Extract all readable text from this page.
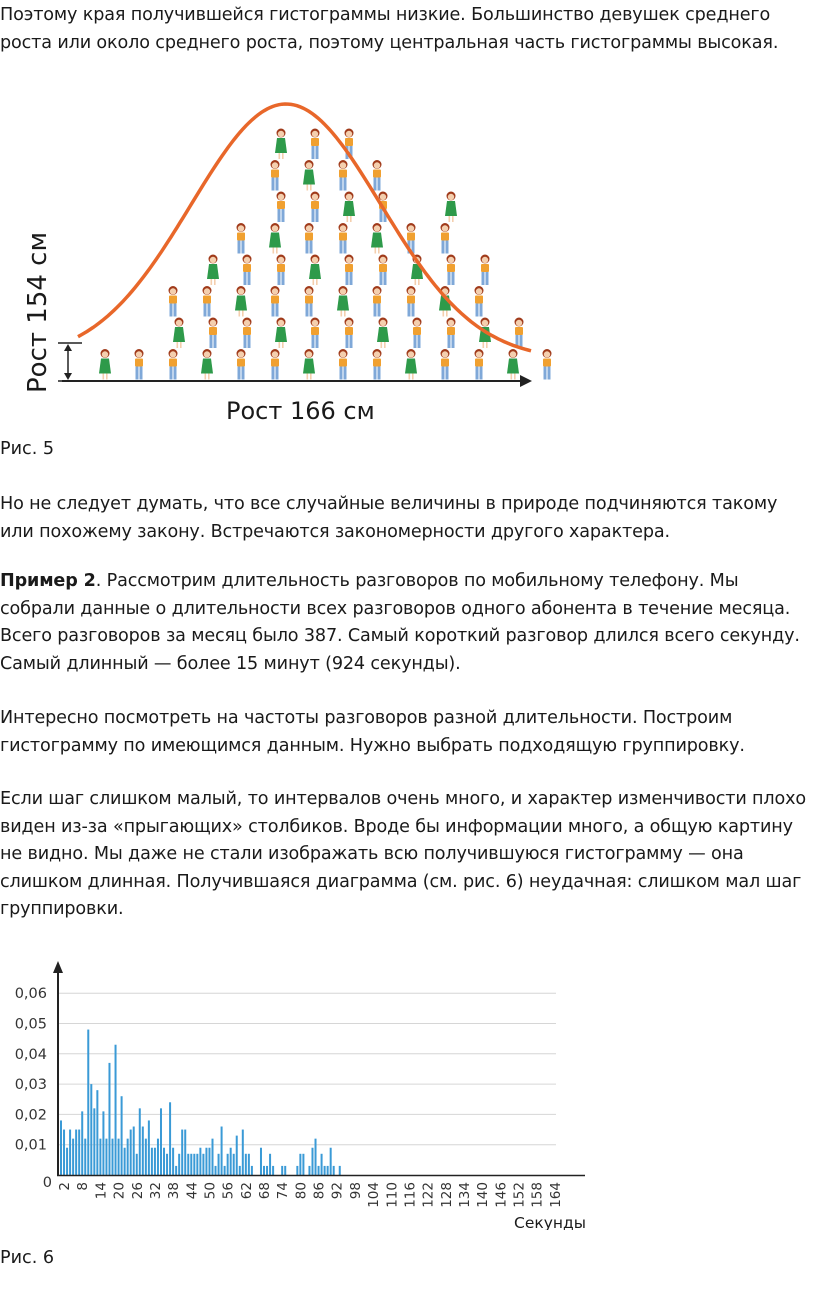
Поэтому края получившейся гистограммы низкие. Большинство девушек среднего роста или около среднего роста, поэтому центральная часть гистограммы высокая.

Рост 154 см
Рост 166 см

Рис. 5

Но не следует думать, что все случайные величины в природе подчиняются такому или похожему закону. Встречаются закономерности другого характера.

Пример 2. Рассмотрим длительность разговоров по мобильному телефону. Мы собрали данные о длительности всех разговоров одного абонента в течение месяца. Всего разговоров за месяц было 387. Самый короткий разговор длился всего секунду. Самый длинный — более 15 минут (924 секунды).

Интересно посмотреть на частоты разговоров разной длительности. Построим гистограмму по имеющимся данным. Нужно выбрать подходящую группировку.

Если шаг слишком малый, то интервалов очень много, и характер изменчивости плохо виден из-за «прыгающих» столбиков. Вроде бы информации много, а общую картину не видно. Мы даже не стали изображать всю получившуюся гистограмму — она слишком длинная. Получившаяся диаграмма (см. рис. 6) неудачная: слишком мал шаг группировки.

0
0,01
0,02
0,03
0,04
0,05
0,06
2 8 14 20 26 32 38 44 50 56 62 68 74 80 86 92 98 104 110 116 122 128 134 140 146 152 158 164
Секунды

Рис. 6
